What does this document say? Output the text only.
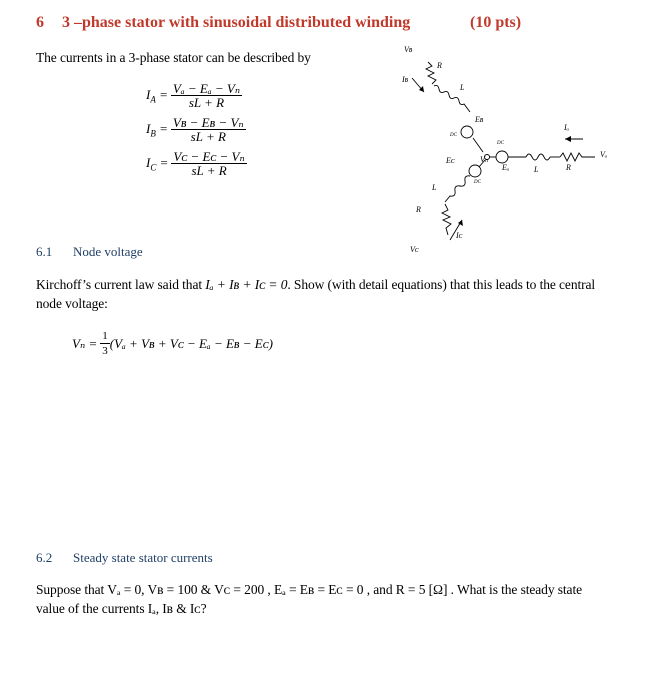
6 3 –phase stator with sinusoidal distributed winding	(10 pts)
The currents in a 3-phase stator can be described by
$I_A = \frac{\text{Vₐ − Eₐ − Vₙ}}{sL + R}$
$I_B = \frac{\text{Vʙ − Eʙ − Vₙ}}{sL + R}$
$I_C = \frac{\text{Vᴄ − Eᴄ − Vₙ}}{sL + R}$
Vʙ
Iʙ
R
L
Eʙ
DC
DC
DC
Iₐ
Vₐ
Eᴄ	Vₙ
Eₐ	L	R
L
R
Iᴄ
Vᴄ
6.1 Node voltage
Kirchoff’s current law said that Iₐ + Iʙ + Iᴄ = 0. Show (with detail equations) that this leads to the central
node voltage:
$V_n = \frac{1}{3} (V_a$ + Vʙ + Vᴄ − Eₐ − Eʙ − Eᴄ)
6.2 Steady state stator currents
Suppose that Vₐ = 0, Vʙ = 100 & Vᴄ = 200 , Eₐ = Eʙ = Eᴄ = 0 , and R = 5 [Ω] . What is the steady state
value of the currents Iₐ, Iʙ & Iᴄ?
